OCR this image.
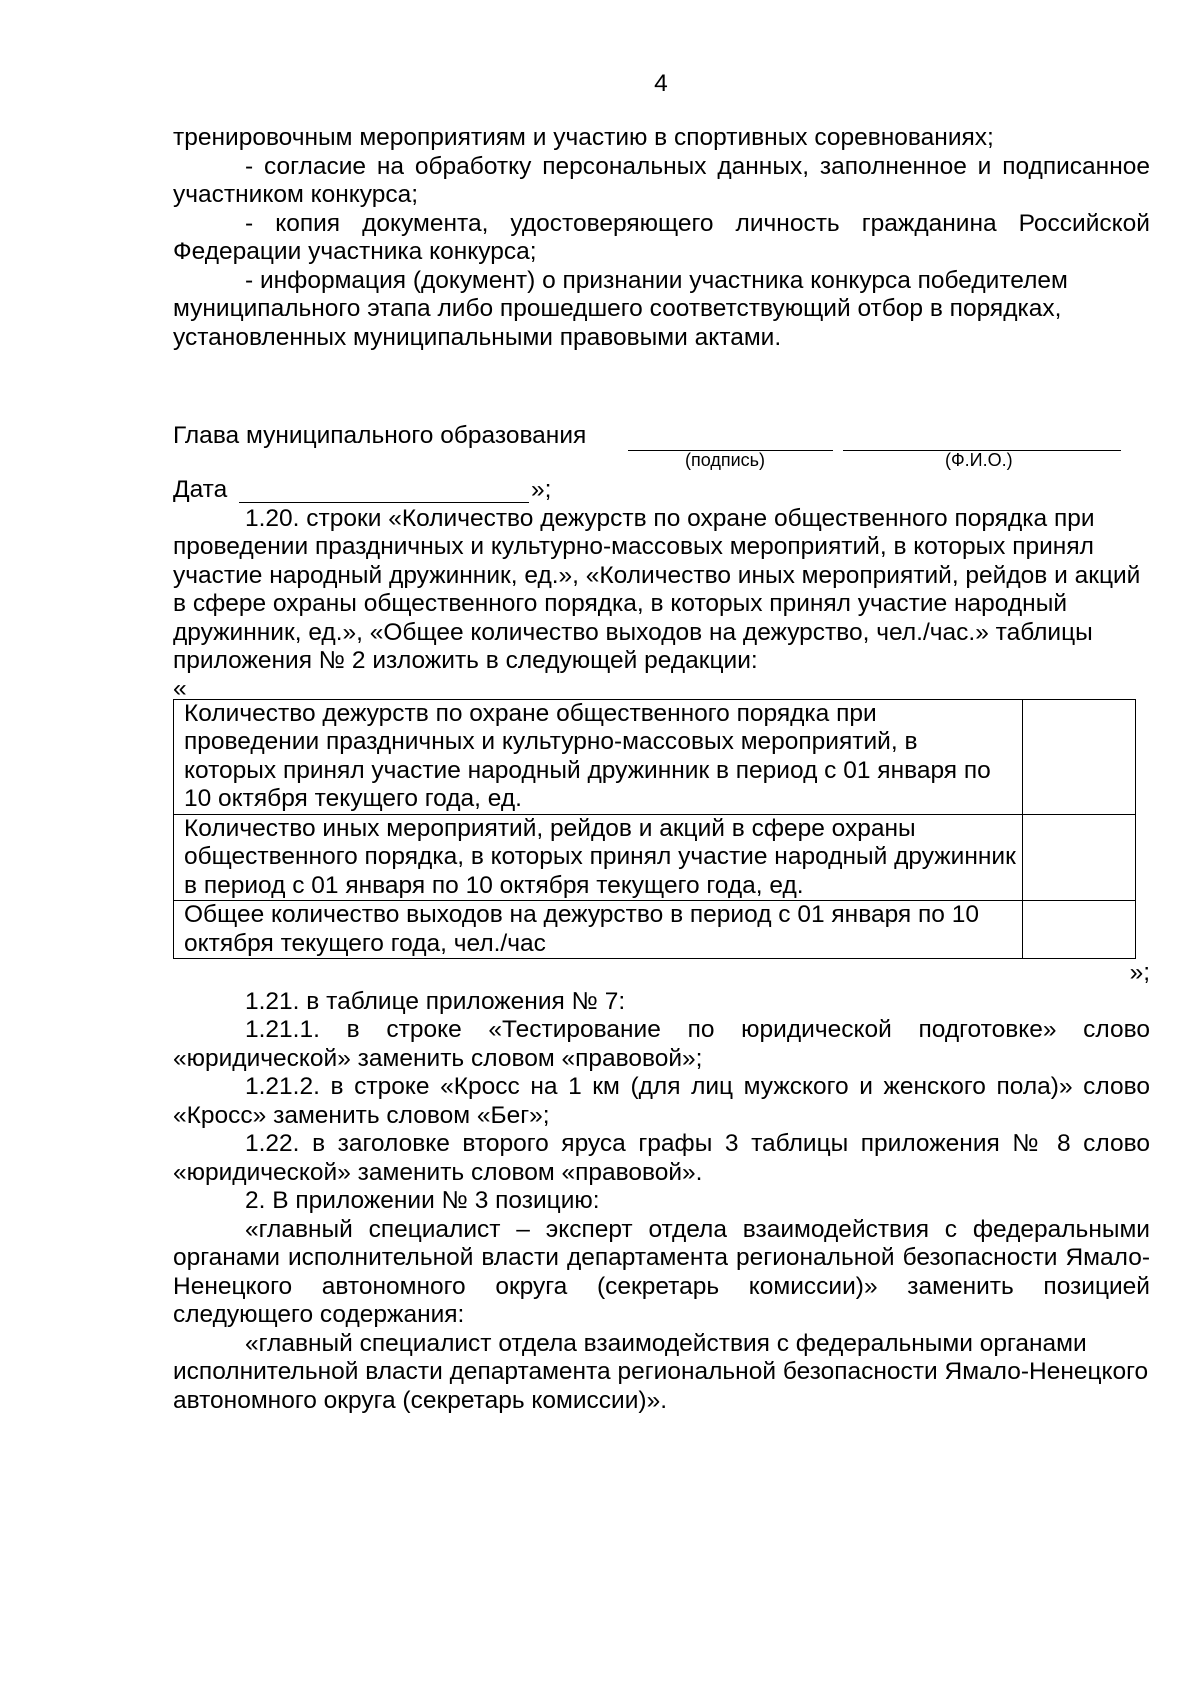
4

тренировочным мероприятиям и участию в спортивных соревнованиях;

- согласие на обработку персональных данных, заполненное и подписанное участником конкурса;

- копия документа, удостоверяющего личность гражданина Российской Федерации участника конкурса;

- информация (документ) о признании участника конкурса победителем муниципального этапа либо прошедшего соответствующий отбор в порядках, установленных муниципальными правовыми актами.

Глава муниципального образования
(подпись)	(Ф.И.О.)
Дата	»;

1.20. строки «Количество дежурств по охране общественного порядка при проведении праздничных и культурно-массовых мероприятий, в которых принял участие народный дружинник, ед.», «Количество иных мероприятий, рейдов и акций в сфере охраны общественного порядка, в которых принял участие народный дружинник, ед.», «Общее количество выходов на дежурство, чел./час.» таблицы приложения № 2 изложить в следующей редакции:

«
Количество дежурств по охране общественного порядка при проведении праздничных и культурно-массовых мероприятий, в которых принял участие народный дружинник в период с 01 января по 10 октября текущего года, ед.	
Количество иных мероприятий, рейдов и акций в сфере охраны общественного порядка, в которых принял участие народный дружинник в период с 01 января по 10 октября текущего года, ед.	
Общее количество выходов на дежурство в период с 01 января по 10 октября текущего года, чел./час	
»;

1.21. в таблице приложения № 7:

1.21.1. в строке «Тестирование по юридической подготовке» слово «юридической» заменить словом «правовой»;

1.21.2. в строке «Кросс на 1 км (для лиц мужского и женского пола)» слово «Кросс» заменить словом «Бег»;

1.22. в заголовке второго яруса графы 3 таблицы приложения № 8 слово «юридической» заменить словом «правовой».

2. В приложении № 3 позицию:

«главный специалист – эксперт отдела взаимодействия с федеральными органами исполнительной власти департамента региональной безопасности Ямало-Ненецкого автономного округа (секретарь комиссии)» заменить позицией следующего содержания:

«главный специалист отдела взаимодействия с федеральными органами исполнительной власти департамента региональной безопасности Ямало-Ненецкого автономного округа (секретарь комиссии)».
